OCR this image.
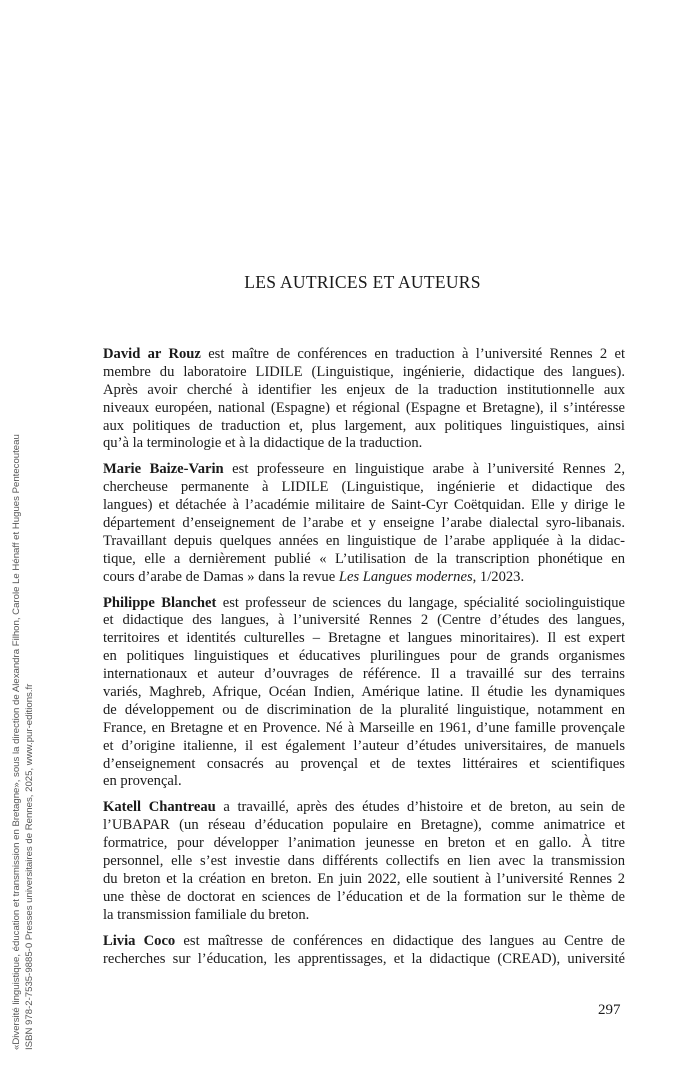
LES AUTRICES ET AUTEURS
David ar Rouz est maître de conférences en traduction à l’université Rennes 2 et
membre du laboratoire LIDILE (Linguistique, ingénierie, didactique des langues).
Après avoir cherché à identifier les enjeux de la traduction institutionnelle aux
niveaux européen, national (Espagne) et régional (Espagne et Bretagne), il s’intéresse
aux politiques de traduction et, plus largement, aux politiques linguistiques, ainsi
qu’à la terminologie et à la didactique de la traduction.
Marie Baize-Varin est professeure en linguistique arabe à l’université Rennes 2,
chercheuse permanente à LIDILE (Linguistique, ingénierie et didactique des
langues) et détachée à l’académie militaire de Saint-Cyr Coëtquidan. Elle y dirige le
département d’enseignement de l’arabe et y enseigne l’arabe dialectal syro-libanais.
Travaillant depuis quelques années en linguistique de l’arabe appliquée à la didac-
tique, elle a dernièrement publié « L’utilisation de la transcription phonétique en
cours d’arabe de Damas » dans la revue Les Langues modernes, 1/2023.
Philippe Blanchet est professeur de sciences du langage, spécialité sociolinguistique
et didactique des langues, à l’université Rennes 2 (Centre d’études des langues,
territoires et identités culturelles – Bretagne et langues minoritaires). Il est expert
en politiques linguistiques et éducatives plurilingues pour de grands organismes
internationaux et auteur d’ouvrages de référence. Il a travaillé sur des terrains
variés, Maghreb, Afrique, Océan Indien, Amérique latine. Il étudie les dynamiques
de développement ou de discrimination de la pluralité linguistique, notamment en
France, en Bretagne et en Provence. Né à Marseille en 1961, d’une famille provençale
et d’origine italienne, il est également l’auteur d’études universitaires, de manuels
d’enseignement consacrés au provençal et de textes littéraires et scientifiques
en provençal.
Katell Chantreau a travaillé, après des études d’histoire et de breton, au sein de
l’UBAPAR (un réseau d’éducation populaire en Bretagne), comme animatrice et
formatrice, pour développer l’animation jeunesse en breton et en gallo. À titre
personnel, elle s’est investie dans différents collectifs en lien avec la transmission
du breton et la création en breton. En juin 2022, elle soutient à l’université Rennes 2
une thèse de doctorat en sciences de l’éducation et de la formation sur le thème de
la transmission familiale du breton.
Livia Coco est maîtresse de conférences en didactique des langues au Centre de
recherches sur l’éducation, les apprentissages, et la didactique (CREAD), université
297
«Diversité linguistique, éducation et transmission en Bretagne», sous la direction de Alexandra Filhon, Carole Le Hénaff et Hugues Pentecouteau ISBN 978-2-7535-9885-0 Presses universitaires de Rennes, 2025, www.pur-editions.fr
